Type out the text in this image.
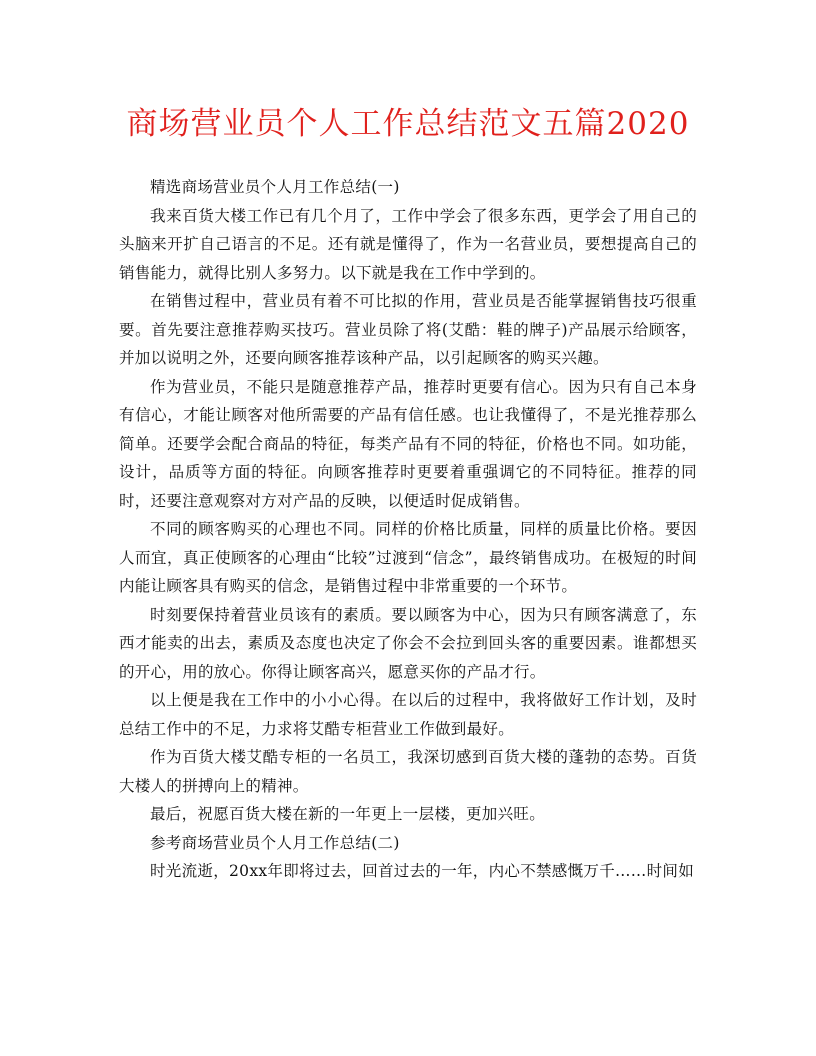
商场营业员个人工作总结范文五篇2020

精选商场营业员个人月工作总结(一)

我来百货大楼工作已有几个月了，工作中学会了很多东西，更学会了用自己的头脑来开扩自己语言的不足。还有就是懂得了，作为一名营业员，要想提高自己的销售能力，就得比别人多努力。以下就是我在工作中学到的。

在销售过程中，营业员有着不可比拟的作用，营业员是否能掌握销售技巧很重要。首先要注意推荐购买技巧。营业员除了将(艾酷：鞋的牌子)产品展示给顾客，并加以说明之外，还要向顾客推荐该种产品，以引起顾客的购买兴趣。

作为营业员，不能只是随意推荐产品，推荐时更要有信心。因为只有自己本身有信心，才能让顾客对他所需要的产品有信任感。也让我懂得了，不是光推荐那么简单。还要学会配合商品的特征，每类产品有不同的特征，价格也不同。如功能，设计，品质等方面的特征。向顾客推荐时更要着重强调它的不同特征。推荐的同时，还要注意观察对方对产品的反映，以便适时促成销售。

不同的顾客购买的心理也不同。同样的价格比质量，同样的质量比价格。要因人而宜，真正使顾客的心理由“比较”过渡到“信念”，最终销售成功。在极短的时间内能让顾客具有购买的信念，是销售过程中非常重要的一个环节。

时刻要保持着营业员该有的素质。要以顾客为中心，因为只有顾客满意了，东西才能卖的出去，素质及态度也决定了你会不会拉到回头客的重要因素。谁都想买的开心，用的放心。你得让顾客高兴，愿意买你的产品才行。

以上便是我在工作中的小小心得。在以后的过程中，我将做好工作计划，及时总结工作中的不足，力求将艾酷专柜营业工作做到最好。

作为百货大楼艾酷专柜的一名员工，我深切感到百货大楼的蓬勃的态势。百货大楼人的拼搏向上的精神。

最后，祝愿百货大楼在新的一年更上一层楼，更加兴旺。

参考商场营业员个人月工作总结(二)

时光流逝，20xx年即将过去，回首过去的一年，内心不禁感慨万千……时间如
